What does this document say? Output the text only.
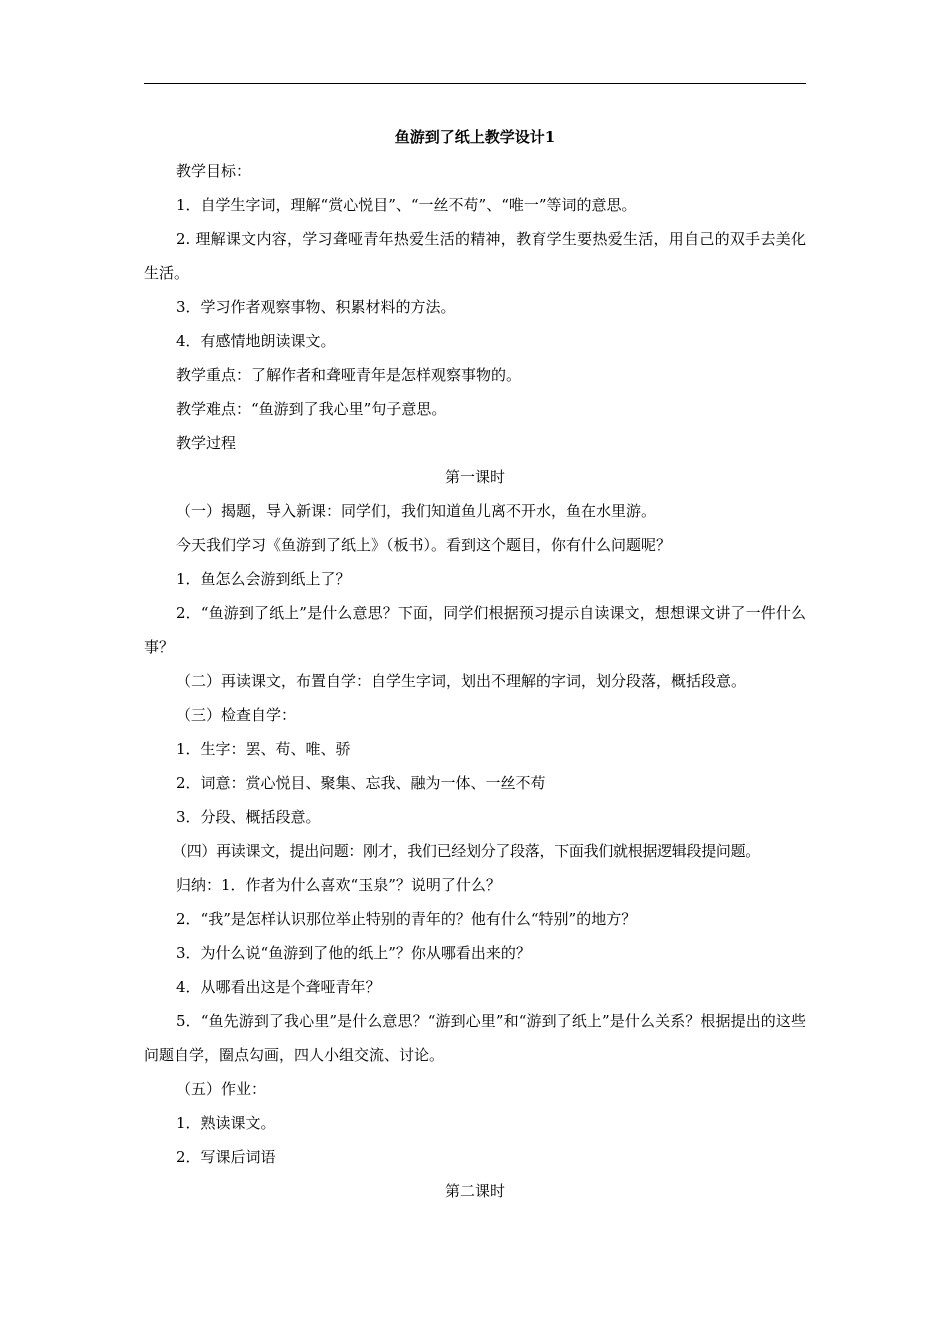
鱼游到了纸上教学设计1

教学目标：

1．自学生字词，理解“赏心悦目”、“一丝不苟”、“唯一”等词的意思。

2. 理解课文内容，学习聋哑青年热爱生活的精神，教育学生要热爱生活，用自己的双手去美化生活。

3．学习作者观察事物、积累材料的方法。

4．有感情地朗读课文。

教学重点：了解作者和聋哑青年是怎样观察事物的。

教学难点：“鱼游到了我心里”句子意思。

教学过程

第一课时

（一）揭题，导入新课：同学们，我们知道鱼儿离不开水，鱼在水里游。

今天我们学习《鱼游到了纸上》（板书）。看到这个题目，你有什么问题呢？

1．鱼怎么会游到纸上了？

2．“鱼游到了纸上”是什么意思？下面，同学们根据预习提示自读课文，想想课文讲了一件什么事？

（二）再读课文，布置自学：自学生字词，划出不理解的字词，划分段落，概括段意。

（三）检查自学：

1．生字：罢、苟、唯、骄

2．词意：赏心悦目、聚集、忘我、融为一体、一丝不苟

3．分段、概括段意。

（四）再读课文，提出问题：刚才，我们已经划分了段落，下面我们就根据逻辑段提问题。

归纳：1．作者为什么喜欢“玉泉”？说明了什么？

2．“我”是怎样认识那位举止特别的青年的？他有什么“特别”的地方？

3．为什么说“鱼游到了他的纸上”？你从哪看出来的？

4．从哪看出这是个聋哑青年？

5．“鱼先游到了我心里”是什么意思？“游到心里”和“游到了纸上”是什么关系？根据提出的这些问题自学，圈点勾画，四人小组交流、讨论。

（五）作业：

1．熟读课文。

2．写课后词语

第二课时
